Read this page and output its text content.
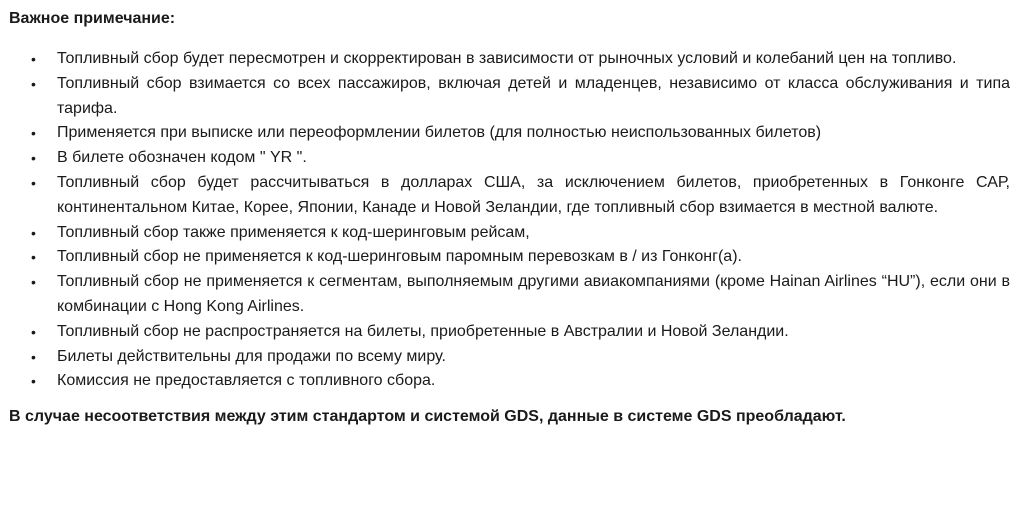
Важное примечание:
• Топливный сбор будет пересмотрен и скорректирован в зависимости от рыночных условий и колебаний цен на топливо.
• Топливный сбор взимается со всех пассажиров, включая детей и младенцев, независимо от класса обслуживания и типа тарифа.
• Применяется при выписке или переоформлении билетов (для полностью неиспользованных билетов)
• В билете обозначен кодом " YR ".
• Топливный сбор будет рассчитываться в долларах США, за исключением билетов, приобретенных в Гонконге САР, континентальном Китае, Корее, Японии, Канаде и Новой Зеландии, где топливный сбор взимается в местной валюте.
• Топливный сбор также применяется к код-шеринговым рейсам,
• Топливный сбор не применяется к код-шеринговым паромным перевозкам в / из Гонконг(а).
• Топливный сбор не применяется к сегментам, выполняемым другими авиакомпаниями (кроме Hainan Airlines “HU”), если они в комбинации с Hong Kong Airlines.
• Топливный сбор не распространяется на билеты, приобретенные в Австралии и Новой Зеландии.
• Билеты действительны для продажи по всему миру.
• Комиссия не предоставляется с топливного сбора.
В случае несоответствия между этим стандартом и системой GDS, данные в системе GDS преобладают.
